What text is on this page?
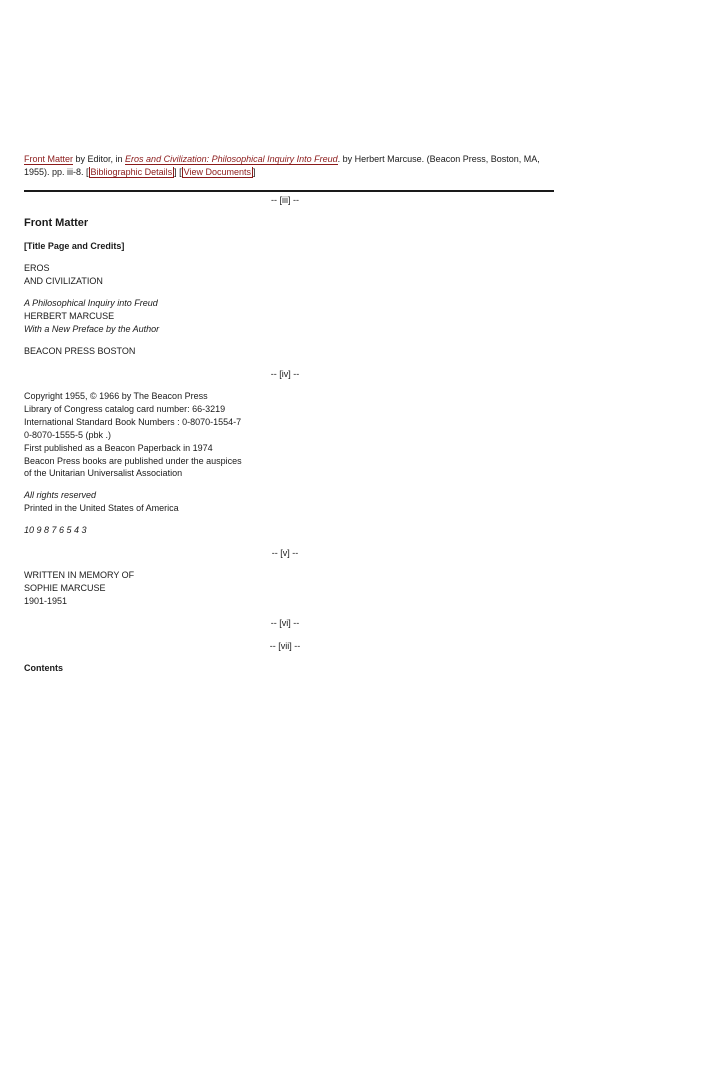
Front Matter by Editor, in Eros and Civilization: Philosophical Inquiry Into Freud. by Herbert Marcuse. (Beacon Press, Boston, MA, 1955). pp. iii-8. [ Bibliographic Details ] [ View Documents ]
-- [iii] --
Front Matter
[Title Page and Credits]
EROS
AND CIVILIZATION
A Philosophical Inquiry into Freud
HERBERT MARCUSE
With a New Preface by the Author
BEACON PRESS BOSTON
-- [iv] --
Copyright 1955, © 1966 by The Beacon Press
Library of Congress catalog card number: 66-3219
International Standard Book Numbers : 0-8070-1554-7
0-8070-1555-5 (pbk .)
First published as a Beacon Paperback in 1974
Beacon Press books are published under the auspices
of the Unitarian Universalist Association
All rights reserved
Printed in the United States of America
10 9 8 7 6 5 4 3
-- [v] --
WRITTEN IN MEMORY OF
SOPHIE MARCUSE
1901-1951
-- [vi] --
-- [vii] --
Contents
